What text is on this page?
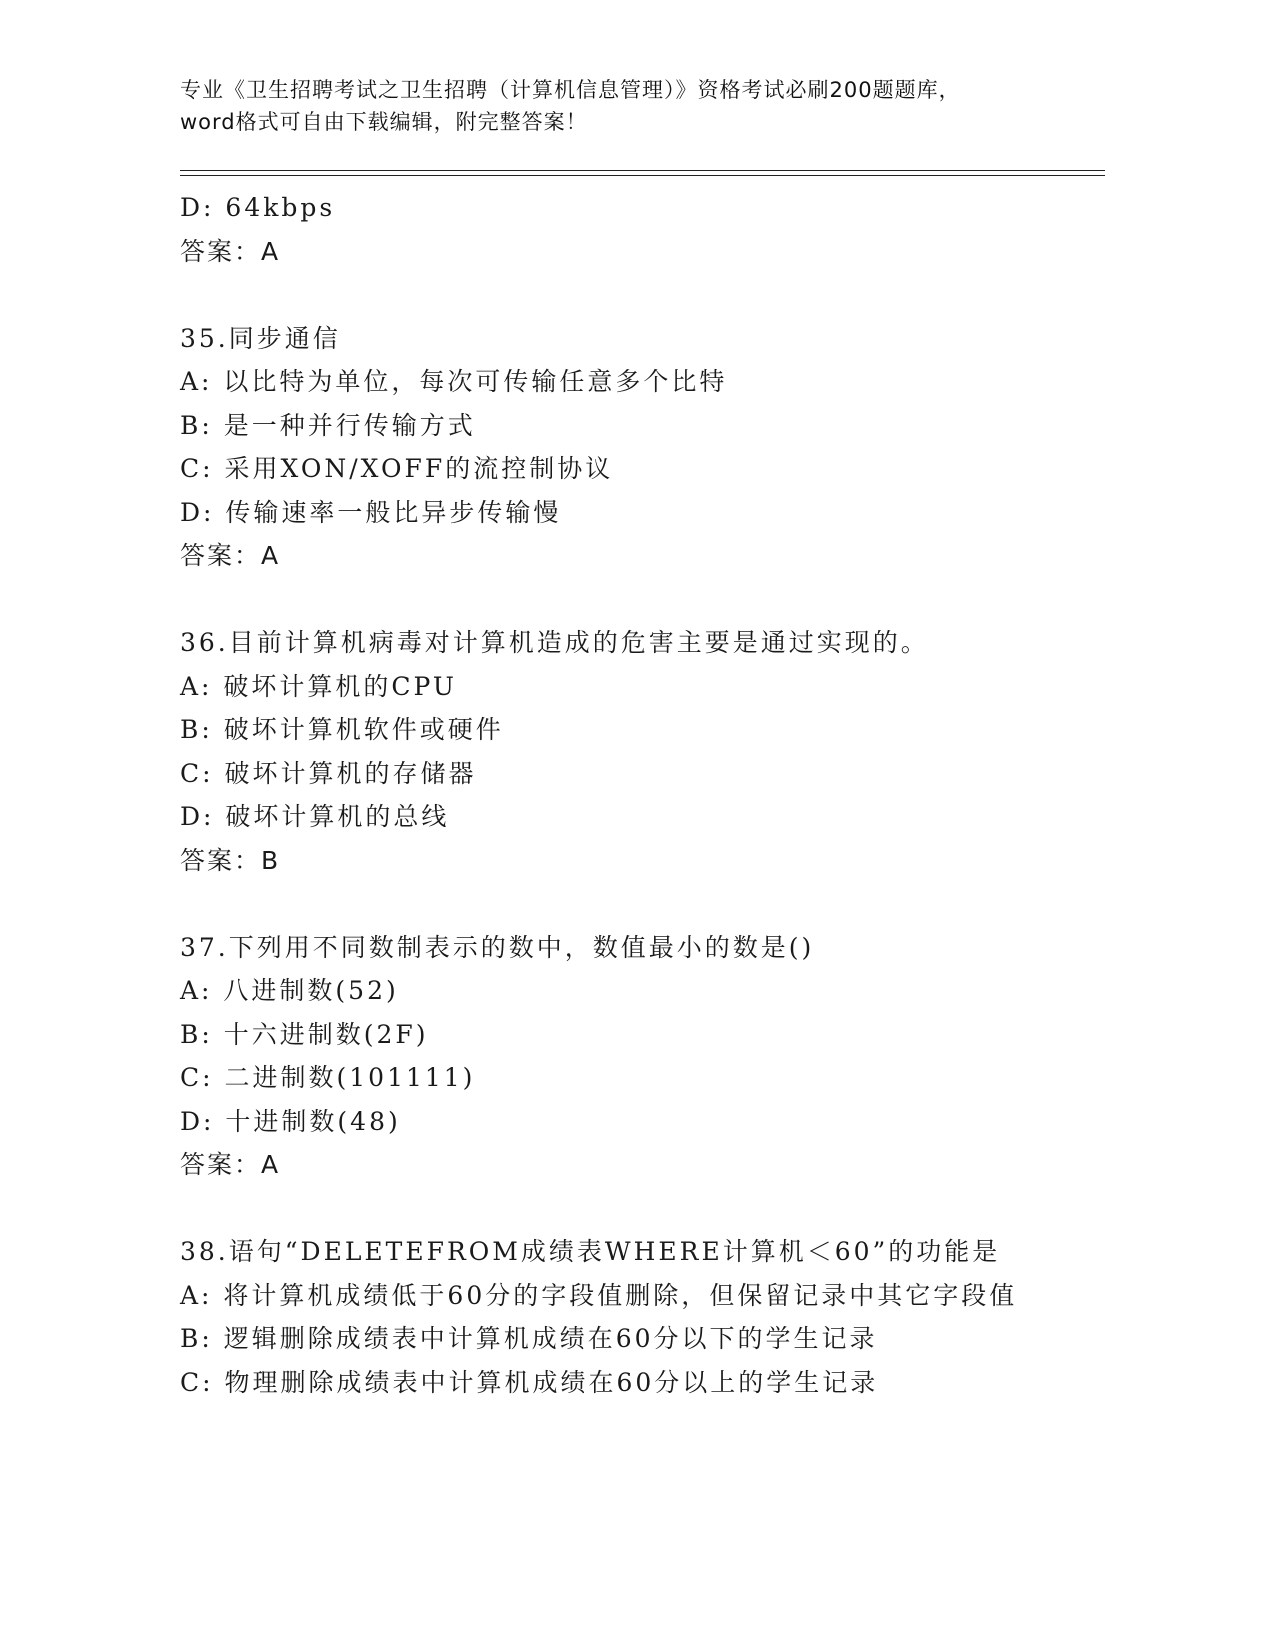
专业《卫生招聘考试之卫生招聘（计算机信息管理）》资格考试必刷200题题库，
word格式可自由下载编辑，附完整答案！
D: 64kbps
答案：A
35.同步通信
A: 以比特为单位，每次可传输任意多个比特
B: 是一种并行传输方式
C: 采用XON/XOFF的流控制协议
D: 传输速率一般比异步传输慢
答案：A
36.目前计算机病毒对计算机造成的危害主要是通过实现的。
A: 破坏计算机的CPU
B: 破坏计算机软件或硬件
C: 破坏计算机的存储器
D: 破坏计算机的总线
答案：B
37.下列用不同数制表示的数中，数值最小的数是()
A: 八进制数(52)
B: 十六进制数(2F)
C: 二进制数(101111)
D: 十进制数(48)
答案：A
38.语句“DELETEFROM成绩表WHERE计算机＜60”的功能是
A: 将计算机成绩低于60分的字段值删除，但保留记录中其它字段值
B: 逻辑删除成绩表中计算机成绩在60分以下的学生记录
C: 物理删除成绩表中计算机成绩在60分以上的学生记录
